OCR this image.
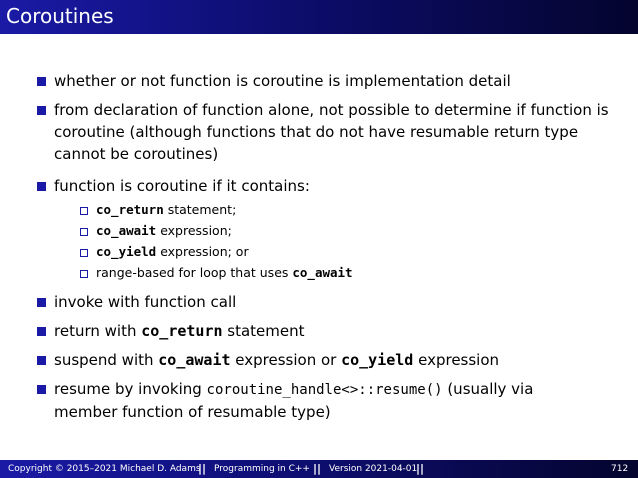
Coroutines
whether or not function is coroutine is implementation detail
from declaration of function alone, not possible to determine if function is
coroutine (although functions that do not have resumable return type
cannot be coroutines)
function is coroutine if it contains:
co_return statement;
co_await expression;
co_yield expression; or
range-based for loop that uses co_await
invoke with function call
return with co_return statement
suspend with co_await expression or co_yield expression
resume by invoking coroutine_handle<>::resume() (usually via
member function of resumable type)
Copyright © 2015–2021 Michael D. Adams
|| Programming in C++ || Version 2021-04-01
||	712
